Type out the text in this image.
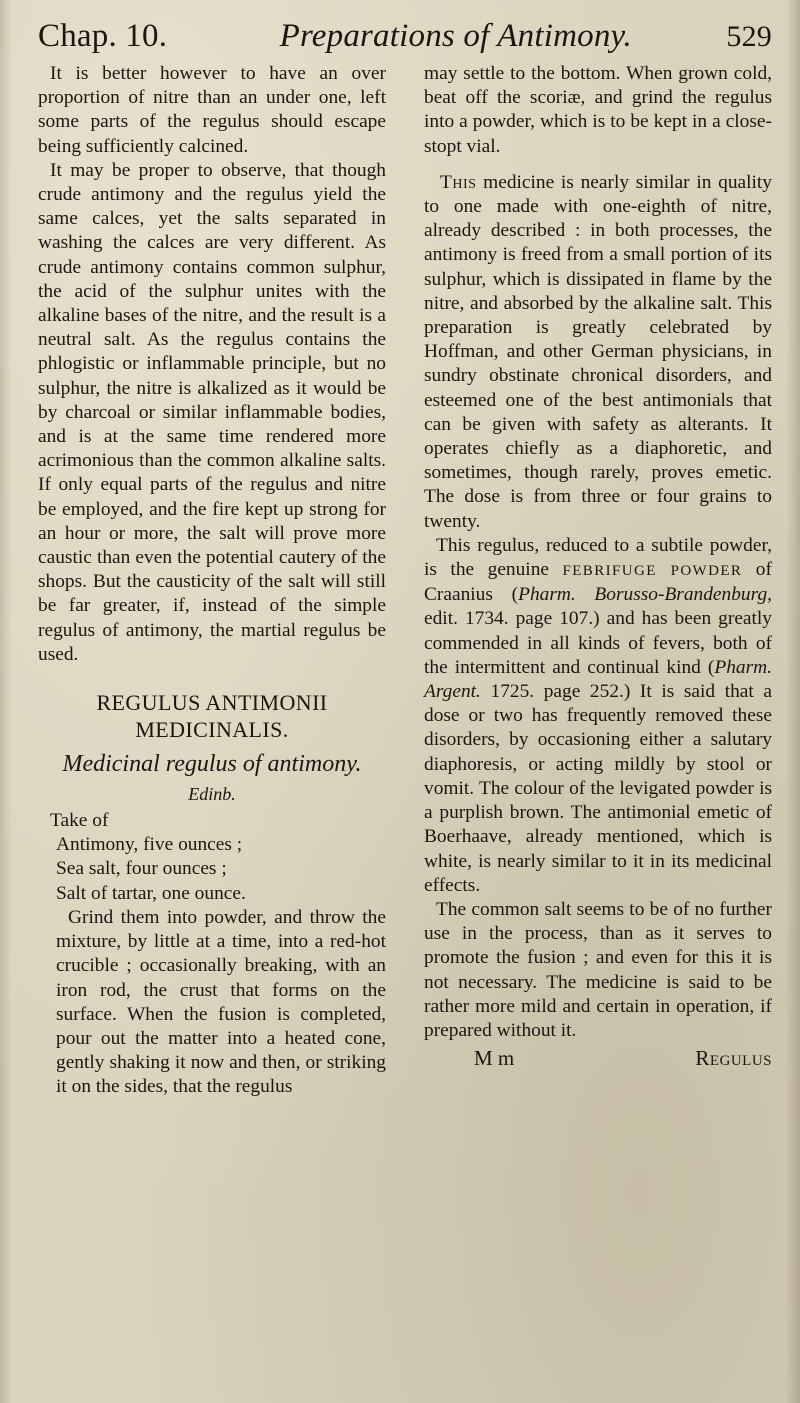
Chap. 10.	Preparations of Antimony.	529

It is better however to have an over proportion of nitre than an under one, left some parts of the regulus should escape being sufficiently calcined.

It may be proper to observe, that though crude antimony and the regulus yield the same calces, yet the salts separated in washing the calces are very different. As crude antimony contains common sulphur, the acid of the sulphur unites with the alkaline bases of the nitre, and the result is a neutral salt. As the regulus contains the phlogistic or inflammable principle, but no sulphur, the nitre is alkalized as it would be by charcoal or similar inflammable bodies, and is at the same time rendered more acrimonious than the common alkaline salts. If only equal parts of the regulus and nitre be employed, and the fire kept up strong for an hour or more, the salt will prove more caustic than even the potential cautery of the shops. But the causticity of the salt will still be far greater, if, instead of the simple regulus of antimony, the martial regulus be used.

REGULUS ANTIMONII MEDICINALIS.
Medicinal regulus of antimony.
Edinb.

Take of

Antimony, five ounces ;
Sea salt, four ounces ;
Salt of tartar, one ounce.

Grind them into powder, and throw the mixture, by little at a time, into a red-hot crucible ; occasionally breaking, with an iron rod, the crust that forms on the surface. When the fusion is completed, pour out the matter into a heated cone, gently shaking it now and then, or striking it on the sides, that the regulus

may settle to the bottom. When grown cold, beat off the scoriæ, and grind the regulus into a powder, which is to be kept in a close-stopt vial.

This medicine is nearly similar in quality to one made with one-eighth of nitre, already described : in both processes, the antimony is freed from a small portion of its sulphur, which is dissipated in flame by the nitre, and absorbed by the alkaline salt. This preparation is greatly celebrated by Hoffman, and other German physicians, in sundry obstinate chronical disorders, and esteemed one of the best antimonials that can be given with safety as alterants. It operates chiefly as a diaphoretic, and sometimes, though rarely, proves emetic. The dose is from three or four grains to twenty.

This regulus, reduced to a subtile powder, is the genuine FEBRIFUGE POWDER of Craanius (Pharm. Borusso-Brandenburg, edit. 1734. page 107.) and has been greatly commended in all kinds of fevers, both of the intermittent and continual kind (Pharm. Argent. 1725. page 252.) It is said that a dose or two has frequently removed these disorders, by occasioning either a salutary diaphoresis, or acting mildly by stool or vomit. The colour of the levigated powder is a purplish brown. The antimonial emetic of Boerhaave, already mentioned, which is white, is nearly similar to it in its medicinal effects.

The common salt seems to be of no further use in the process, than as it serves to promote the fusion ; and even for this it is not necessary. The medicine is said to be rather more mild and certain in operation, if prepared without it.

M m	Regulus
